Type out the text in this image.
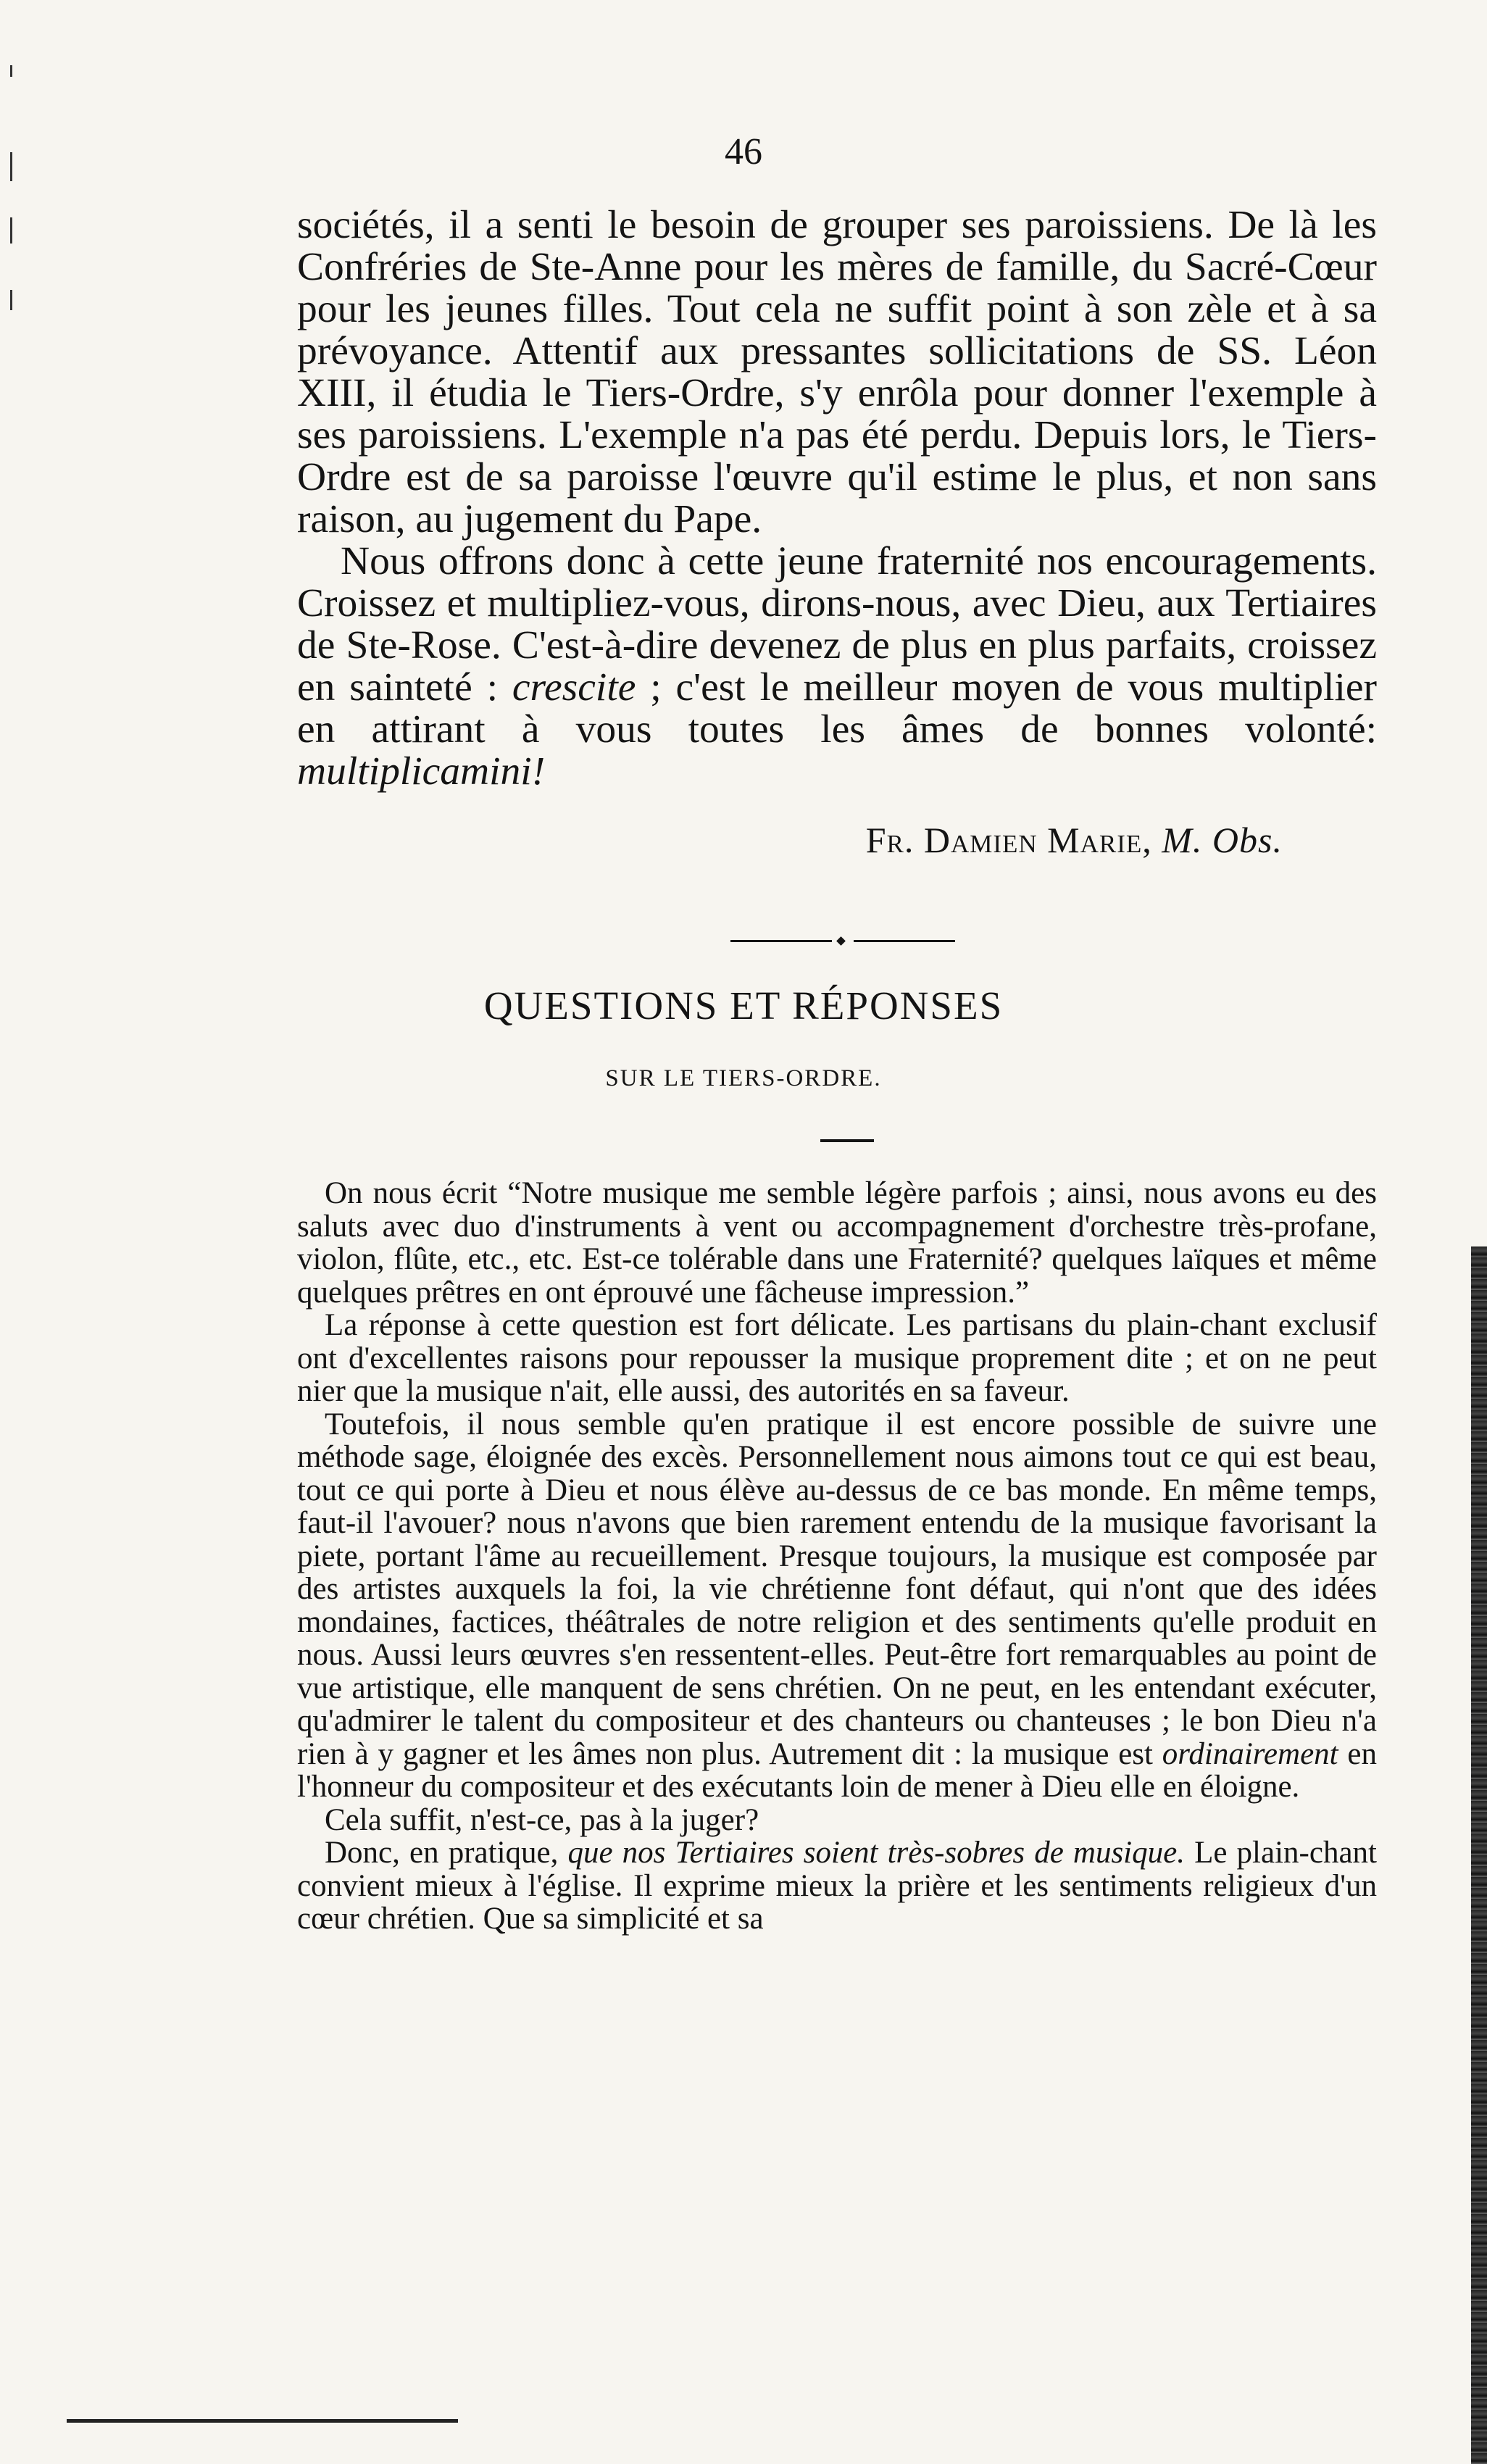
46

sociétés, il a senti le besoin de grouper ses paroissiens. De là les Confréries de Ste-Anne pour les mères de famille, du Sacré-Cœur pour les jeunes filles. Tout cela ne suffit point à son zèle et à sa prévoyance. Attentif aux pressantes sollicitations de SS. Léon XIII, il étudia le Tiers-Ordre, s'y enrôla pour donner l'exemple à ses paroissiens. L'exemple n'a pas été perdu. Depuis lors, le Tiers-Ordre est de sa paroisse l'œuvre qu'il estime le plus, et non sans raison, au jugement du Pape.

Nous offrons donc à cette jeune fraternité nos encouragements. Croissez et multipliez-vous, dirons-nous, avec Dieu, aux Tertiaires de Ste-Rose. C'est-à-dire devenez de plus en plus parfaits, croissez en sainteté : crescite ; c'est le meilleur moyen de vous multiplier en attirant à vous toutes les âmes de bonnes volonté: multiplicamini!

Fr. Damien Marie, M. Obs.
QUESTIONS ET RÉPONSES
SUR LE TIERS-ORDRE.

On nous écrit “Notre musique me semble légère parfois ; ainsi, nous avons eu des saluts avec duo d'instruments à vent ou accompagnement d'orchestre très-profane, violon, flûte, etc., etc. Est-ce tolérable dans une Fraternité? quelques laïques et même quelques prêtres en ont éprouvé une fâcheuse impression.”

La réponse à cette question est fort délicate. Les partisans du plain-chant exclusif ont d'excellentes raisons pour repousser la musique proprement dite ; et on ne peut nier que la musique n'ait, elle aussi, des autorités en sa faveur.

Toutefois, il nous semble qu'en pratique il est encore possible de suivre une méthode sage, éloignée des excès. Personnellement nous aimons tout ce qui est beau, tout ce qui porte à Dieu et nous élève au-dessus de ce bas monde. En même temps, faut-il l'avouer? nous n'avons que bien rarement entendu de la musique favorisant la piete, portant l'âme au recueillement. Presque toujours, la musique est composée par des artistes auxquels la foi, la vie chrétienne font défaut, qui n'ont que des idées mondaines, factices, théâtrales de notre religion et des sentiments qu'elle produit en nous. Aussi leurs œuvres s'en ressentent-elles. Peut-être fort remarquables au point de vue artistique, elle manquent de sens chrétien. On ne peut, en les entendant exécuter, qu'admirer le talent du compositeur et des chanteurs ou chanteuses ; le bon Dieu n'a rien à y gagner et les âmes non plus. Autrement dit : la musique est ordinairement en l'honneur du compositeur et des exécutants loin de mener à Dieu elle en éloigne.

Cela suffit, n'est-ce, pas à la juger?

Donc, en pratique, que nos Tertiaires soient très-sobres de musique. Le plain-chant convient mieux à l'église. Il exprime mieux la prière et les sentiments religieux d'un cœur chrétien. Que sa simplicité et sa
